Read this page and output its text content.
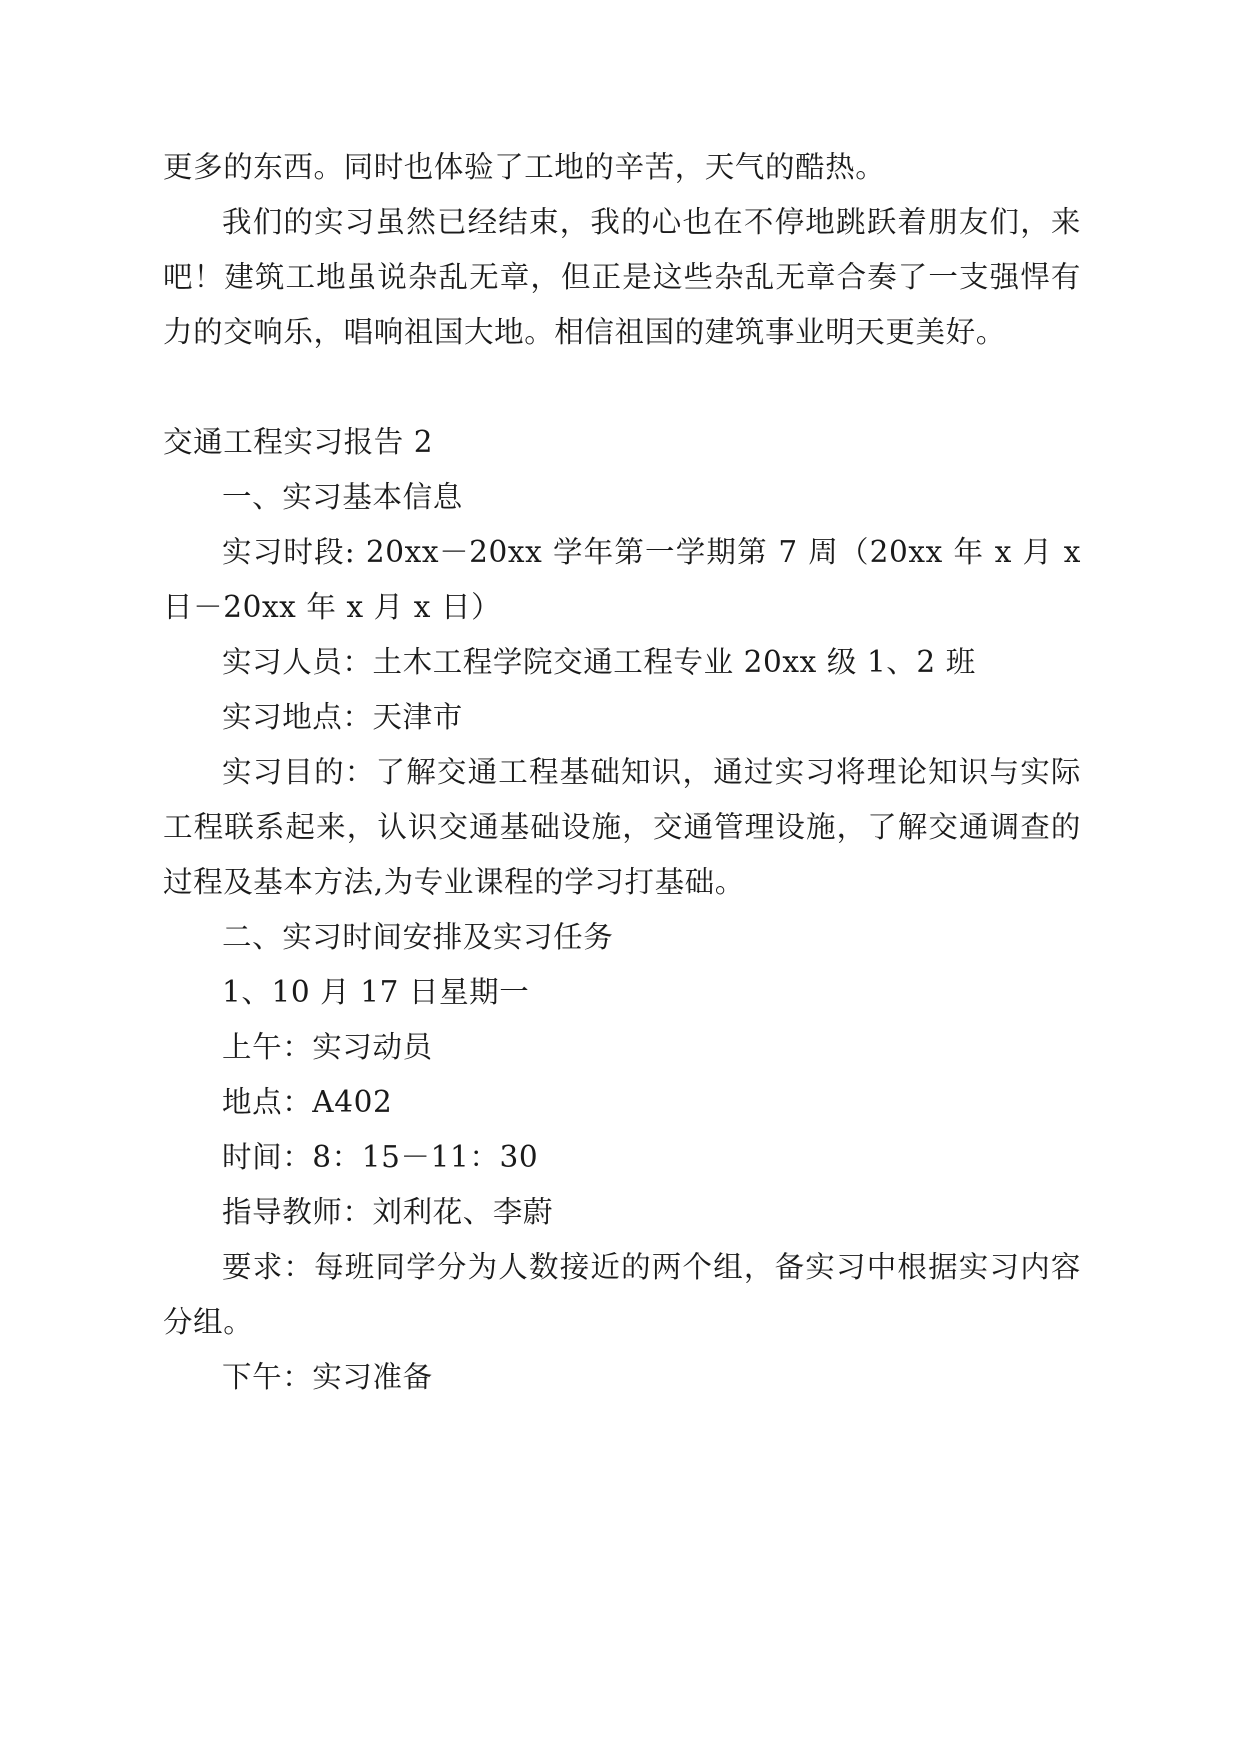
更多的东西。同时也体验了工地的辛苦，天气的酷热。

我们的实习虽然已经结束，我的心也在不停地跳跃着朋友们，来吧！建筑工地虽说杂乱无章，但正是这些杂乱无章合奏了一支强悍有力的交响乐，唱响祖国大地。相信祖国的建筑事业明天更美好。

交通工程实习报告 2

一、实习基本信息

实习时段: 20xx－20xx 学年第一学期第 7 周（20xx 年 x 月 x 日－20xx 年 x 月 x 日）

实习人员：土木工程学院交通工程专业 20xx 级 1、2 班

实习地点：天津市

实习目的：了解交通工程基础知识，通过实习将理论知识与实际工程联系起来，认识交通基础设施，交通管理设施，了解交通调查的过程及基本方法,为专业课程的学习打基础。

二、实习时间安排及实习任务

1、10 月 17 日星期一

上午：实习动员

地点：A402

时间：8：15－11：30

指导教师：刘利花、李蔚

要求：每班同学分为人数接近的两个组，备实习中根据实习内容分组。

下午：实习准备
